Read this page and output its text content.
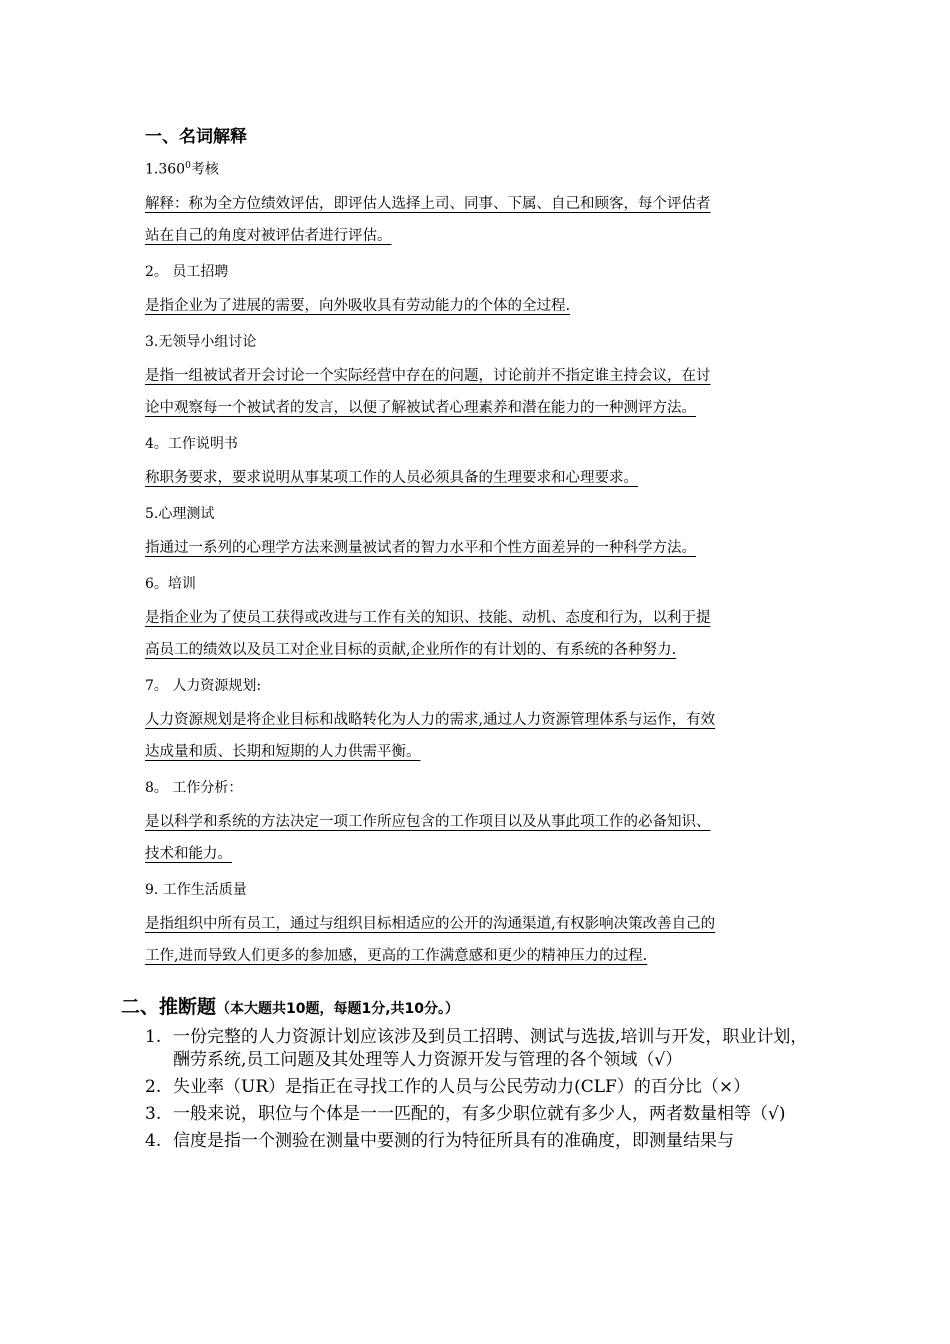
一、名词解释
1.360$^0$考核
解释：称为全方位绩效评估，即评估人选择上司、同事、下属、自己和顾客，每个评估者
站在自己的角度对被评估者进行评估。
2。 员工招聘
是指企业为了进展的需要，向外吸收具有劳动能力的个体的全过程.
3.无领导小组讨论
是指一组被试者开会讨论一个实际经营中存在的问题，讨论前并不指定谁主持会议，在讨
论中观察每一个被试者的发言，以便了解被试者心理素养和潜在能力的一种测评方法。
4。工作说明书
称职务要求，要求说明从事某项工作的人员必须具备的生理要求和心理要求。
5.心理测试
指通过一系列的心理学方法来测量被试者的智力水平和个性方面差异的一种科学方法。
6。培训
是指企业为了使员工获得或改进与工作有关的知识、技能、动机、态度和行为，以利于提
高员工的绩效以及员工对企业目标的贡献,企业所作的有计划的、有系统的各种努力.
7。 人力资源规划:
人力资源规划是将企业目标和战略转化为人力的需求,通过人力资源管理体系与运作，有效
达成量和质、长期和短期的人力供需平衡。
8。 工作分析：
是以科学和系统的方法决定一项工作所应包含的工作项目以及从事此项工作的必备知识、
技术和能力。
9. 工作生活质量
是指组织中所有员工，通过与组织目标相适应的公开的沟通渠道,有权影响决策改善自己的
工作,进而导致人们更多的参加感，更高的工作满意感和更少的精神压力的过程.
二、推断题（本大题共10题，每题1分,共10分。）
1. 一份完整的人力资源计划应该涉及到员工招聘、测试与选拔,培训与开发，职业计划，酬劳系统,员工问题及其处理等人力资源开发与管理的各个领域（√）
2. 失业率（UR）是指正在寻找工作的人员与公民劳动力(CLF）的百分比（×）
3. 一般来说，职位与个体是一一匹配的，有多少职位就有多少人，两者数量相等（√)
4. 信度是指一个测验在测量中要测的行为特征所具有的准确度，即测量结果与
